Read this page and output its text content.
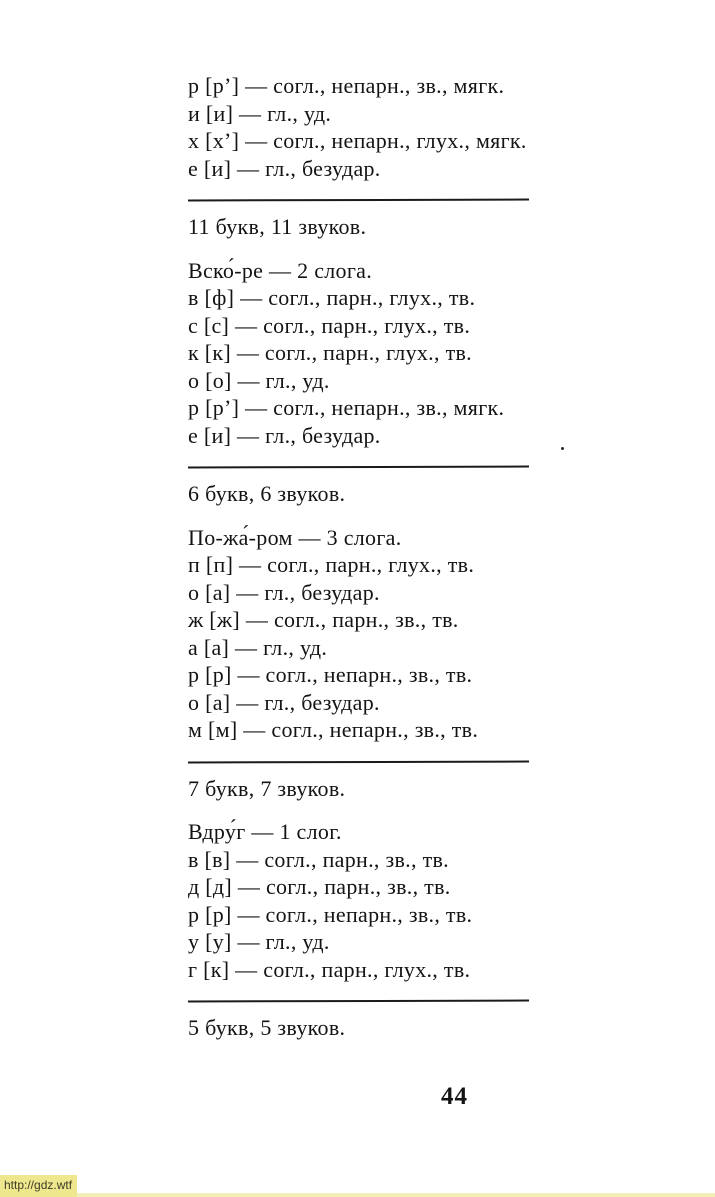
р [р’] — согл., непарн., зв., мягк.
и [и] — гл., уд.
х [х’] — согл., непарн., глух., мягк.
е [и] — гл., безудар.
11 букв, 11 звуков.
Вско́-ре — 2 слога.
в [ф] — согл., парн., глух., тв.
с [с] — согл., парн., глух., тв.
к [к] — согл., парн., глух., тв.
о [о] — гл., уд.
р [р’] — согл., непарн., зв., мягк.
е [и] — гл., безудар.
6 букв, 6 звуков.
По-жа́-ром — 3 слога.
п [п] — согл., парн., глух., тв.
о [а] — гл., безудар.
ж [ж] — согл., парн., зв., тв.
а [а] — гл., уд.
р [р] — согл., непарн., зв., тв.
о [а] — гл., безудар.
м [м] — согл., непарн., зв., тв.
7 букв, 7 звуков.
Вдру́г — 1 слог.
в [в] — согл., парн., зв., тв.
д [д] — согл., парн., зв., тв.
р [р] — согл., непарн., зв., тв.
у [у] — гл., уд.
г [к] — согл., парн., глух., тв.
5 букв, 5 звуков.
44
http://gdz.wtf
